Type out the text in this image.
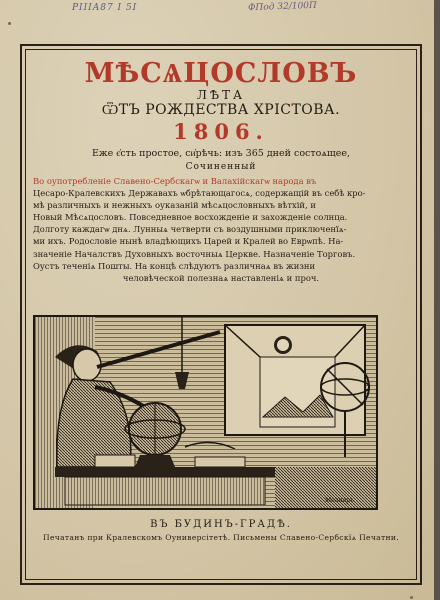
PIIIA87 I 5I	ФПод 32/100П
МѢСѦЦОСЛОВЪ
ЛѢТА
ѾТЪ РОЖДЕСТВА ХРІСТОВА.
1806.
Еже є҆сть простое, си҆рѣчь: изъ 365 дней состоѧщее,
Сочиненный
Во оупотребленіе Славено-Сербскагѡ и Валахійскагѡ народа въ
Цесаро-Кралевскихъ Державахъ ѡбрѣтающагосѧ, содержащій въ себѣ кро-
мѣ различныхъ и нежныхъ оуказаній мѣсѧцословныхъ вѣтхій, и
Новый Мѣсѧцословъ. Повседневное восхожденіе и захожденіе солнца.
Долготу каждагѡ днѧ. Лунныѧ четверти съ воздушными приключенїѧ-
ми ихъ. Родословіе нынѣ владѣющихъ Царей и Кралей во Еврѡпѣ. На-
значеніе Началствъ Духовныхъ восточныѧ Церкве. Назначеніе Торговъ.
Оустъ теченіѧ Пошты. На концѣ слѣдуютъ различнаѧ въ жизни
человѣческой полезнаѧ наставленіѧ и проч.
Молнаръ
ВЪ БУДИНЪ-ГРАДѢ.
Печатанъ при Кралевскомъ Оуниверсітетѣ. Письмены Славено-Сербскїѧ Печатни.
